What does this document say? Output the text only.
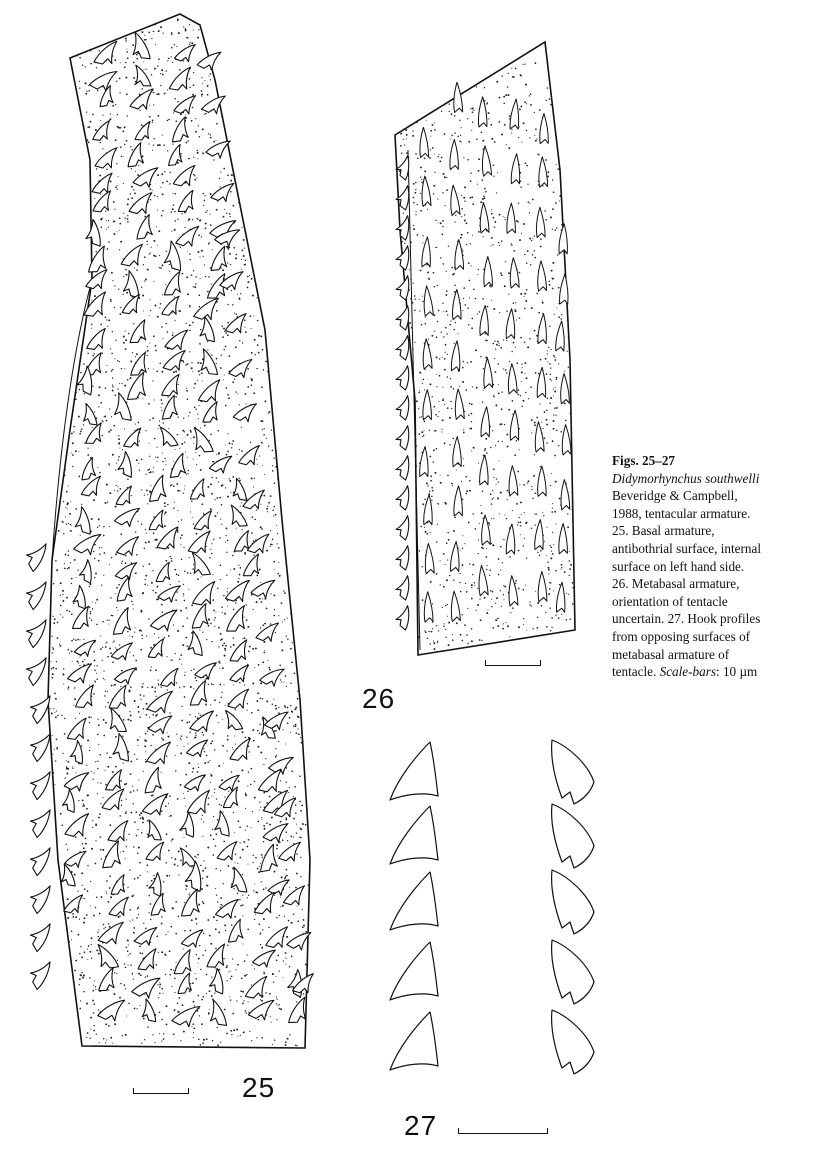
25
26
27
Figs. 25–27
Didymorhynchus southwelli
Beveridge & Campbell,
1988, tentacular armature.
25. Basal armature,
antibothrial surface, internal
surface on left hand side.
26. Metabasal armature,
orientation of tentacle
uncertain. 27. Hook profiles
from opposing surfaces of
metabasal armature of
tentacle. Scale-bars: 10 µm
